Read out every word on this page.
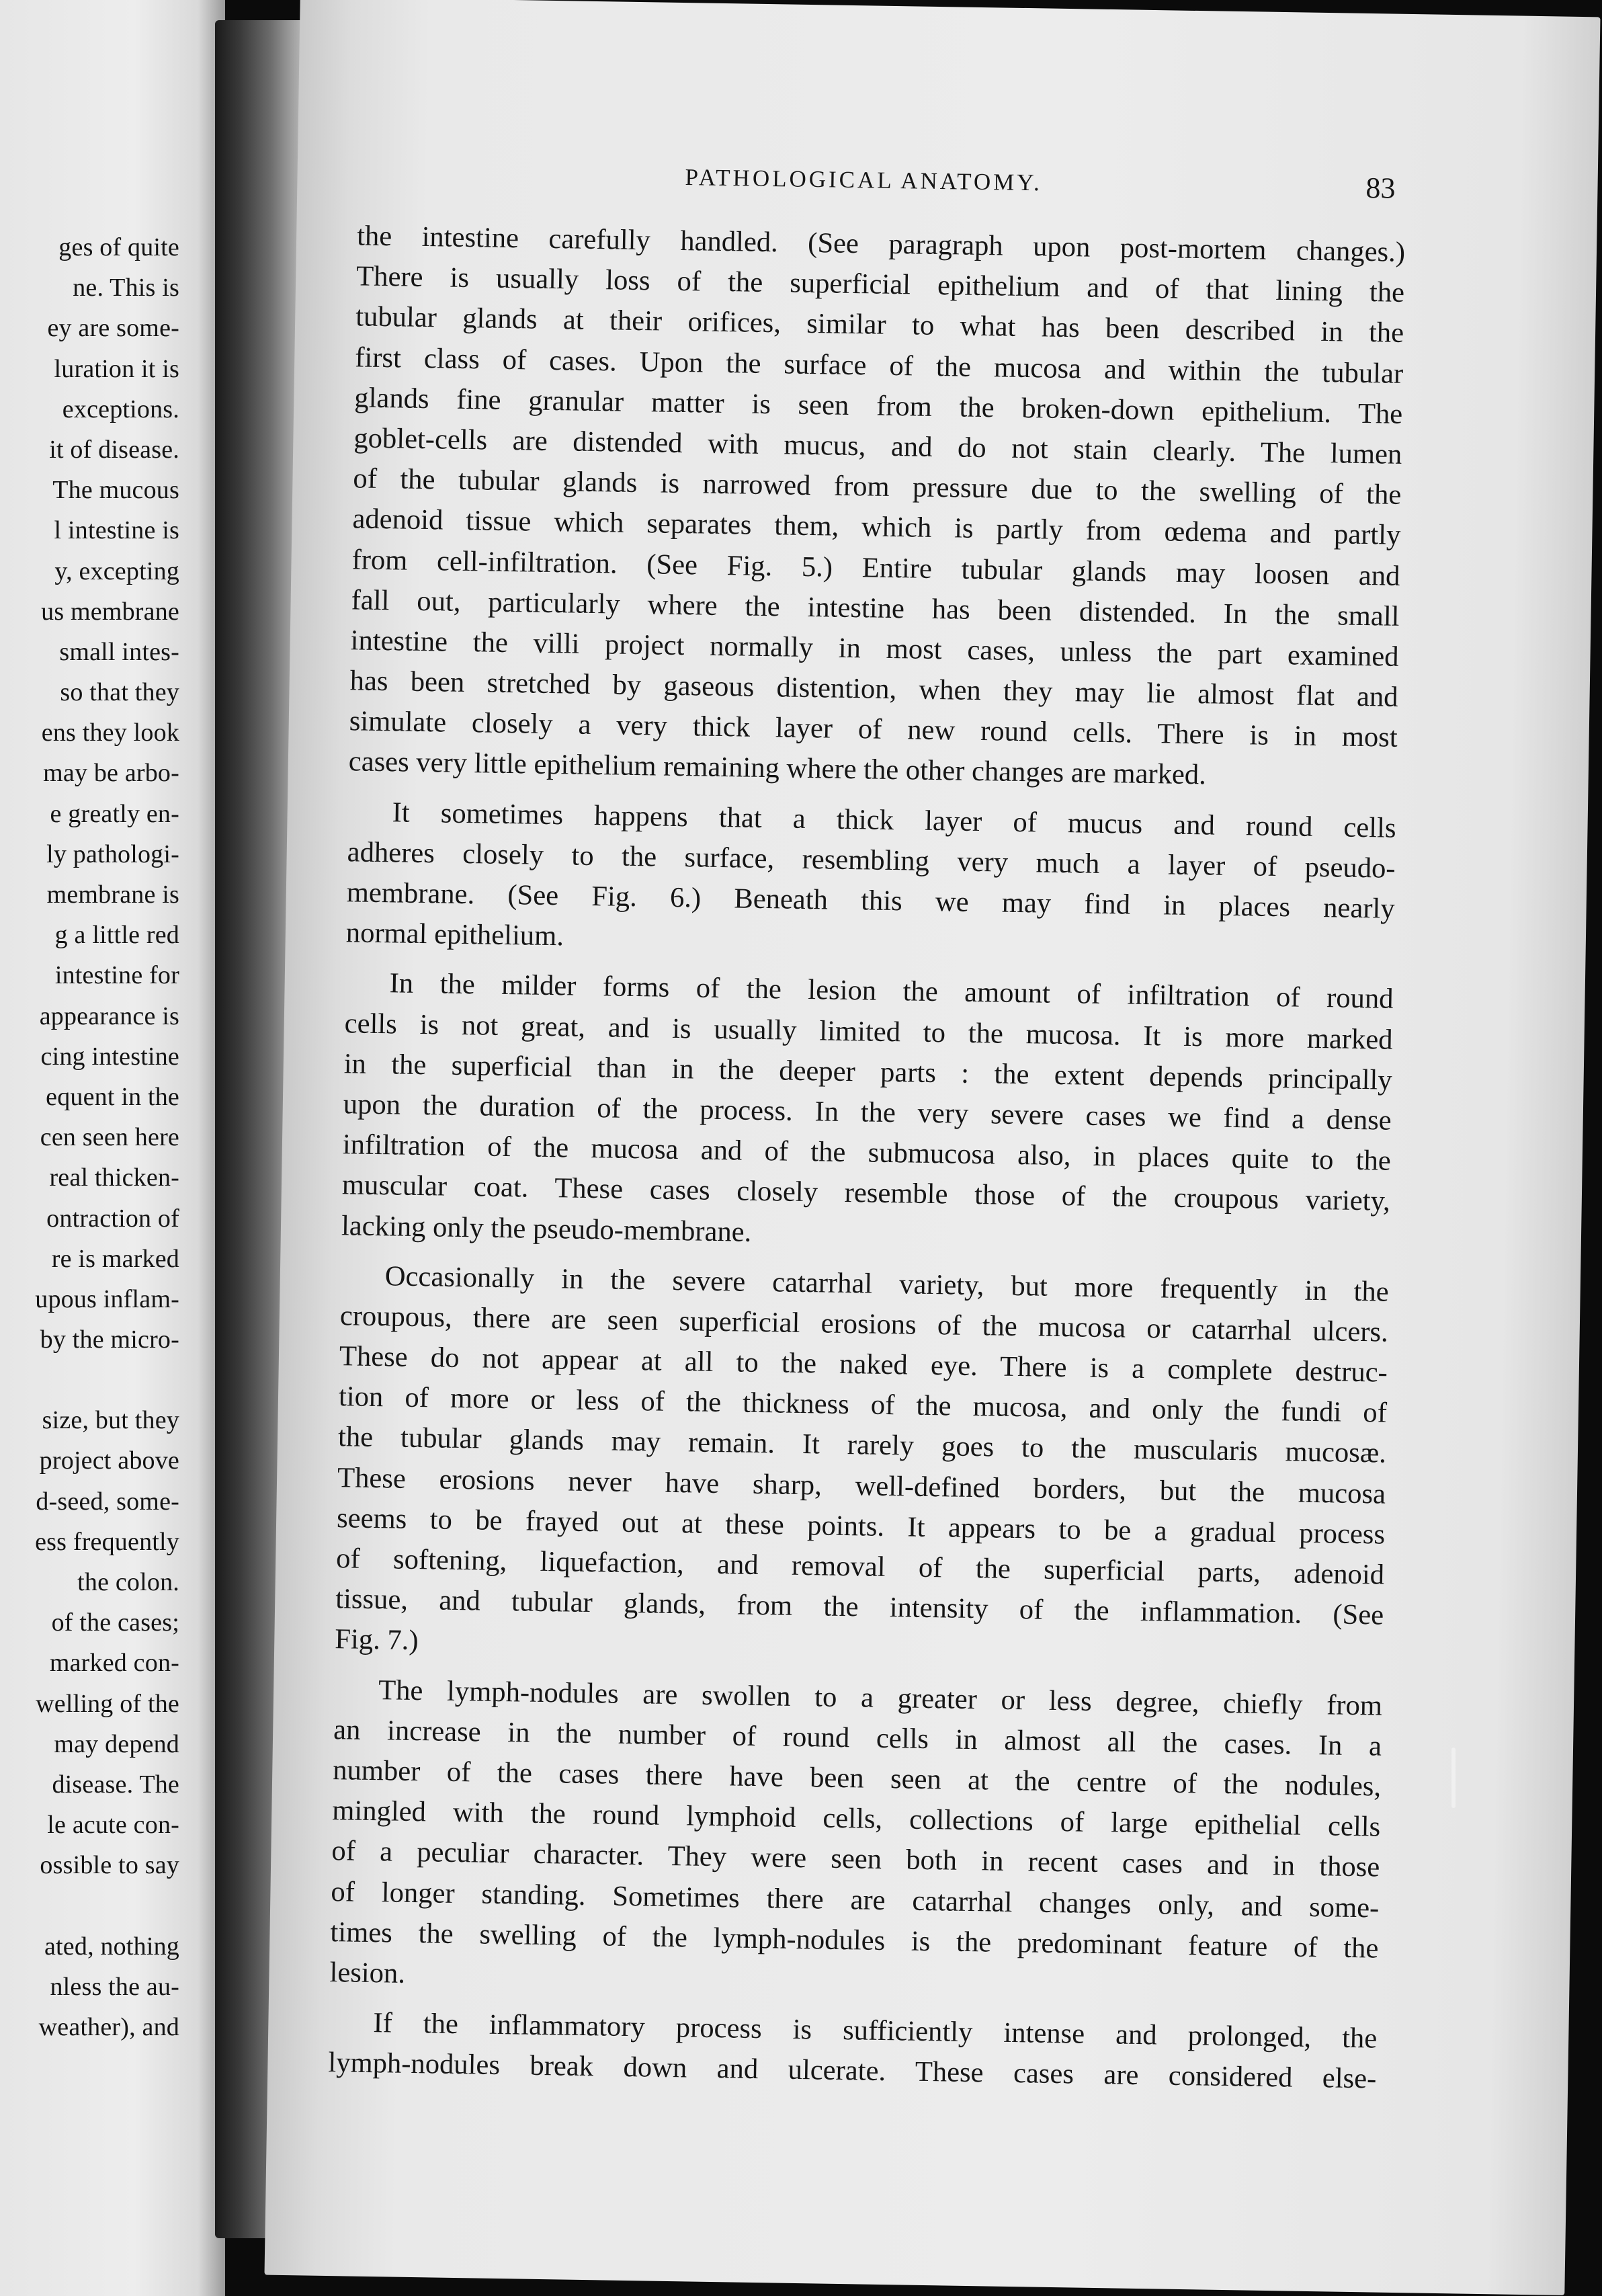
ges of quite
ne. This is
ey are some-
luration it is
exceptions.
it of disease.
The mucous
l intestine is
y, excepting
us membrane
small intes-
so that they
ens they look
may be arbo-
e greatly en-
ly pathologi-
membrane is
g a little red
intestine for
appearance is
cing intestine
equent in the
cen seen here
real thicken-
ontraction of
re is marked
upous inflam-
by the micro-
size, but they
project above
d-seed, some-
ess frequently
the colon.
of the cases;
marked con-
welling of the
may depend
disease. The
le acute con-
ossible to say
ated, nothing
nless the au-
weather), and
PATHOLOGICAL ANATOMY.	83
the intestine carefully handled. (See paragraph upon post-mortem changes.)
There is usually loss of the superficial epithelium and of that lining the
tubular glands at their orifices, similar to what has been described in the
first class of cases. Upon the surface of the mucosa and within the tubular
glands fine granular matter is seen from the broken-down epithelium. The
goblet-cells are distended with mucus, and do not stain clearly. The lumen
of the tubular glands is narrowed from pressure due to the swelling of the
adenoid tissue which separates them, which is partly from œdema and partly
from cell-infiltration. (See Fig. 5.) Entire tubular glands may loosen and
fall out, particularly where the intestine has been distended. In the small
intestine the villi project normally in most cases, unless the part examined
has been stretched by gaseous distention, when they may lie almost flat and
simulate closely a very thick layer of new round cells. There is in most
cases very little epithelium remaining where the other changes are marked.
It sometimes happens that a thick layer of mucus and round cells
adheres closely to the surface, resembling very much a layer of pseudo-
membrane. (See Fig. 6.) Beneath this we may find in places nearly
normal epithelium.
In the milder forms of the lesion the amount of infiltration of round
cells is not great, and is usually limited to the mucosa. It is more marked
in the superficial than in the deeper parts : the extent depends principally
upon the duration of the process. In the very severe cases we find a dense
infiltration of the mucosa and of the submucosa also, in places quite to the
muscular coat. These cases closely resemble those of the croupous variety,
lacking only the pseudo-membrane.
Occasionally in the severe catarrhal variety, but more frequently in the
croupous, there are seen superficial erosions of the mucosa or catarrhal ulcers.
These do not appear at all to the naked eye. There is a complete destruc-
tion of more or less of the thickness of the mucosa, and only the fundi of
the tubular glands may remain. It rarely goes to the muscularis mucosæ.
These erosions never have sharp, well-defined borders, but the mucosa
seems to be frayed out at these points. It appears to be a gradual process
of softening, liquefaction, and removal of the superficial parts, adenoid
tissue, and tubular glands, from the intensity of the inflammation. (See
Fig. 7.)
The lymph-nodules are swollen to a greater or less degree, chiefly from
an increase in the number of round cells in almost all the cases. In a
number of the cases there have been seen at the centre of the nodules,
mingled with the round lymphoid cells, collections of large epithelial cells
of a peculiar character. They were seen both in recent cases and in those
of longer standing. Sometimes there are catarrhal changes only, and some-
times the swelling of the lymph-nodules is the predominant feature of the
lesion.
If the inflammatory process is sufficiently intense and prolonged, the
lymph-nodules break down and ulcerate. These cases are considered else-
